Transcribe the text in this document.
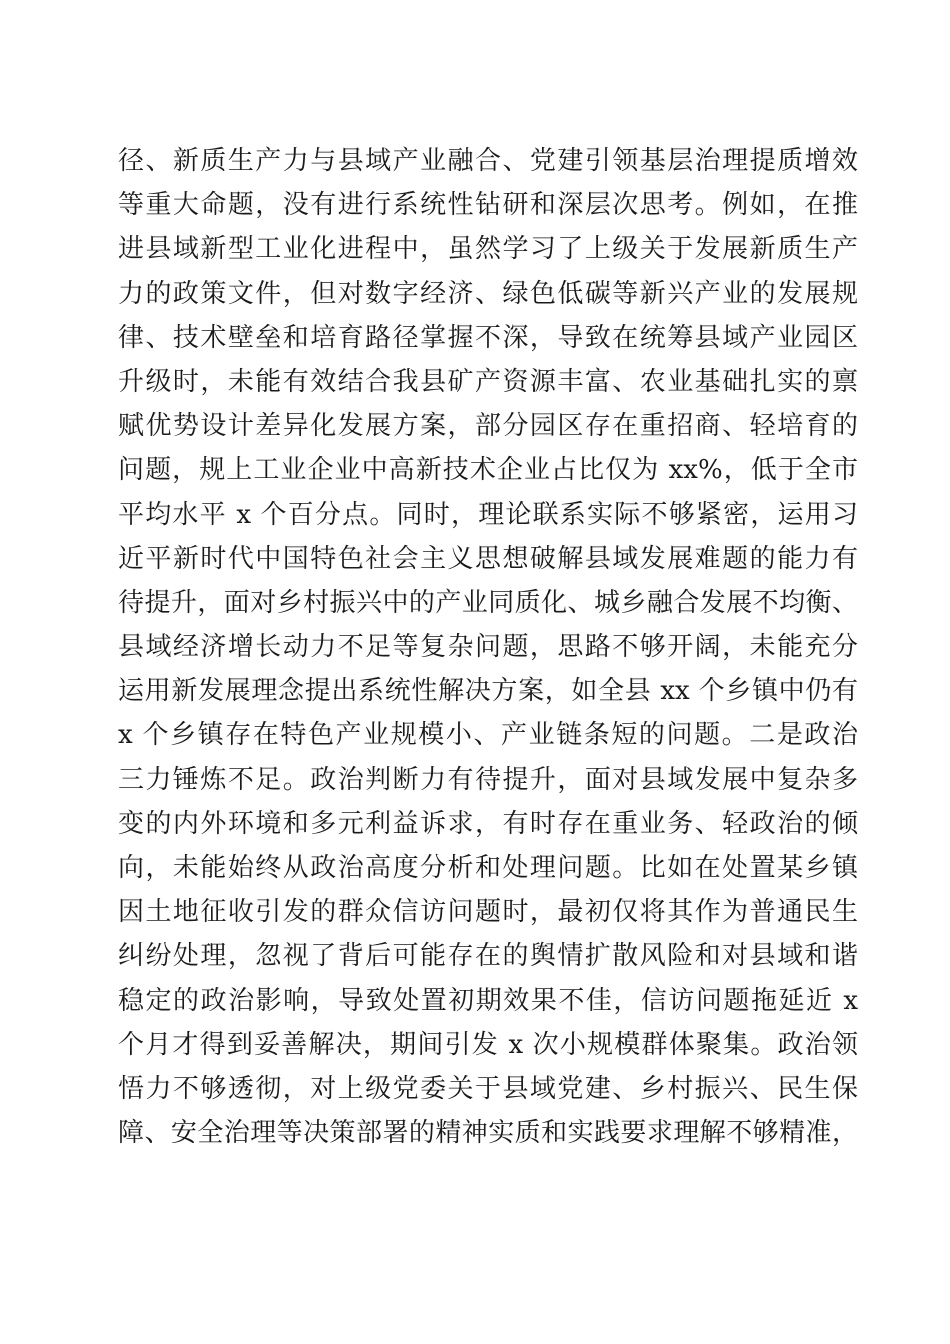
径、新质生产力与县域产业融合、党建引领基层治理提质增效
等重大命题，没有进行系统性钻研和深层次思考。例如，在推
进县域新型工业化进程中，虽然学习了上级关于发展新质生产
力的政策文件，但对数字经济、绿色低碳等新兴产业的发展规
律、技术壁垒和培育路径掌握不深，导致在统筹县域产业园区
升级时，未能有效结合我县矿产资源丰富、农业基础扎实的禀
赋优势设计差异化发展方案，部分园区存在重招商、轻培育的
问题，规上工业企业中高新技术企业占比仅为 xx%，低于全市
平均水平 x 个百分点。同时，理论联系实际不够紧密，运用习
近平新时代中国特色社会主义思想破解县域发展难题的能力有
待提升，面对乡村振兴中的产业同质化、城乡融合发展不均衡、
县域经济增长动力不足等复杂问题，思路不够开阔，未能充分
运用新发展理念提出系统性解决方案，如全县 xx 个乡镇中仍有
x 个乡镇存在特色产业规模小、产业链条短的问题。二是政治
三力锤炼不足。政治判断力有待提升，面对县域发展中复杂多
变的内外环境和多元利益诉求，有时存在重业务、轻政治的倾
向，未能始终从政治高度分析和处理问题。比如在处置某乡镇
因土地征收引发的群众信访问题时，最初仅将其作为普通民生
纠纷处理，忽视了背后可能存在的舆情扩散风险和对县域和谐
稳定的政治影响，导致处置初期效果不佳，信访问题拖延近 x
个月才得到妥善解决，期间引发 x 次小规模群体聚集。政治领
悟力不够透彻，对上级党委关于县域党建、乡村振兴、民生保
障、安全治理等决策部署的精神实质和实践要求理解不够精准，
